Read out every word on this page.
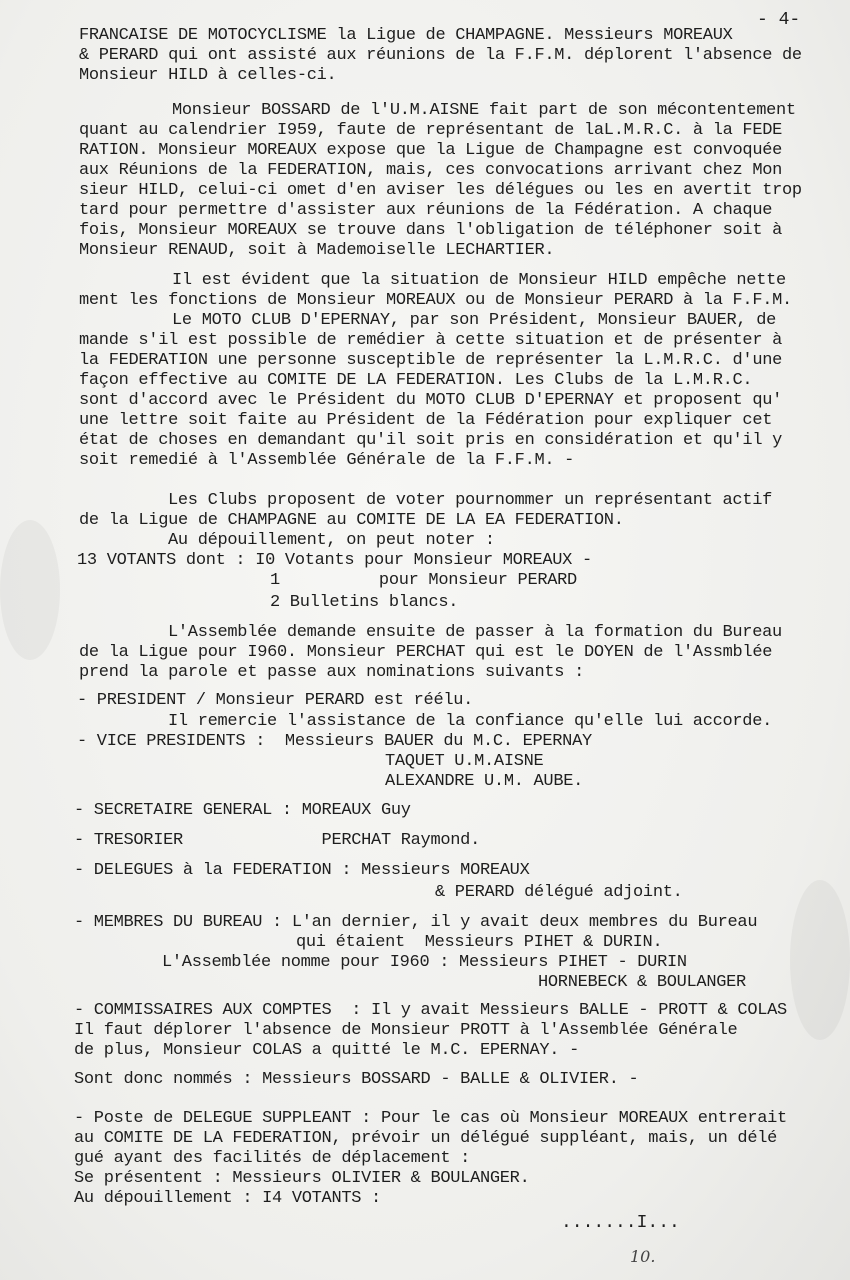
- 4-
FRANCAISE DE MOTOCYCLISME la Ligue de CHAMPAGNE. Messieurs MOREAUX
& PERARD qui ont assisté aux réunions de la F.F.M. déplorent l'absence de
Monsieur HILD à celles-ci.
Monsieur BOSSARD de l'U.M.AISNE fait part de son mécontentement
quant au calendrier I959, faute de représentant de laL.M.R.C. à la FEDE
RATION. Monsieur MOREAUX expose que la Ligue de Champagne est convoquée
aux Réunions de la FEDERATION, mais, ces convocations arrivant chez Mon
sieur HILD, celui-ci omet d'en aviser les délégues ou les en avertit trop
tard pour permettre d'assister aux réunions de la Fédération. A chaque
fois, Monsieur MOREAUX se trouve dans l'obligation de téléphoner soit à
Monsieur RENAUD, soit à Mademoiselle LECHARTIER.
Il est évident que la situation de Monsieur HILD empêche nette
ment les fonctions de Monsieur MOREAUX ou de Monsieur PERARD à la F.F.M.
Le MOTO CLUB D'EPERNAY, par son Président, Monsieur BAUER, de
mande s'il est possible de remédier à cette situation et de présenter à
la FEDERATION une personne susceptible de représenter la L.M.R.C. d'une
façon effective au COMITE DE LA FEDERATION. Les Clubs de la L.M.R.C.
sont d'accord avec le Président du MOTO CLUB D'EPERNAY et proposent qu'
une lettre soit faite au Président de la Fédération pour expliquer cet
état de choses en demandant qu'il soit pris en considération et qu'il y
soit remedié à l'Assemblée Générale de la F.F.M. -
Les Clubs proposent de voter pournommer un représentant actif
de la Ligue de CHAMPAGNE au COMITE DE LA EA FEDERATION.
Au dépouillement, on peut noter :
13 VOTANTS dont : I0 Votants pour Monsieur MOREAUX -
1          pour Monsieur PERARD
2 Bulletins blancs.
L'Assemblée demande ensuite de passer à la formation du Bureau
de la Ligue pour I960. Monsieur PERCHAT qui est le DOYEN de l'Assmblée
prend la parole et passe aux nominations suivants :
- PRESIDENT / Monsieur PERARD est réélu.
Il remercie l'assistance de la confiance qu'elle lui accorde.
- VICE PRESIDENTS :  Messieurs BAUER du M.C. EPERNAY
TAQUET U.M.AISNE
ALEXANDRE U.M. AUBE.
- SECRETAIRE GENERAL : MOREAUX Guy
- TRESORIER              PERCHAT Raymond.
- DELEGUES à la FEDERATION : Messieurs MOREAUX
& PERARD délégué adjoint.
- MEMBRES DU BUREAU : L'an dernier, il y avait deux membres du Bureau
qui étaient  Messieurs PIHET & DURIN.
L'Assemblée nomme pour I960 : Messieurs PIHET - DURIN
HORNEBECK & BOULANGER
- COMMISSAIRES AUX COMPTES  : Il y avait Messieurs BALLE - PROTT & COLAS
Il faut déplorer l'absence de Monsieur PROTT à l'Assemblée Générale
de plus, Monsieur COLAS a quitté le M.C. EPERNAY. -
Sont donc nommés : Messieurs BOSSARD - BALLE & OLIVIER. -
- Poste de DELEGUE SUPPLEANT : Pour le cas où Monsieur MOREAUX entrerait
au COMITE DE LA FEDERATION, prévoir un délégué suppléant, mais, un délé
gué ayant des facilités de déplacement :
Se présentent : Messieurs OLIVIER & BOULANGER.
Au dépouillement : I4 VOTANTS :
.......I...
10.
